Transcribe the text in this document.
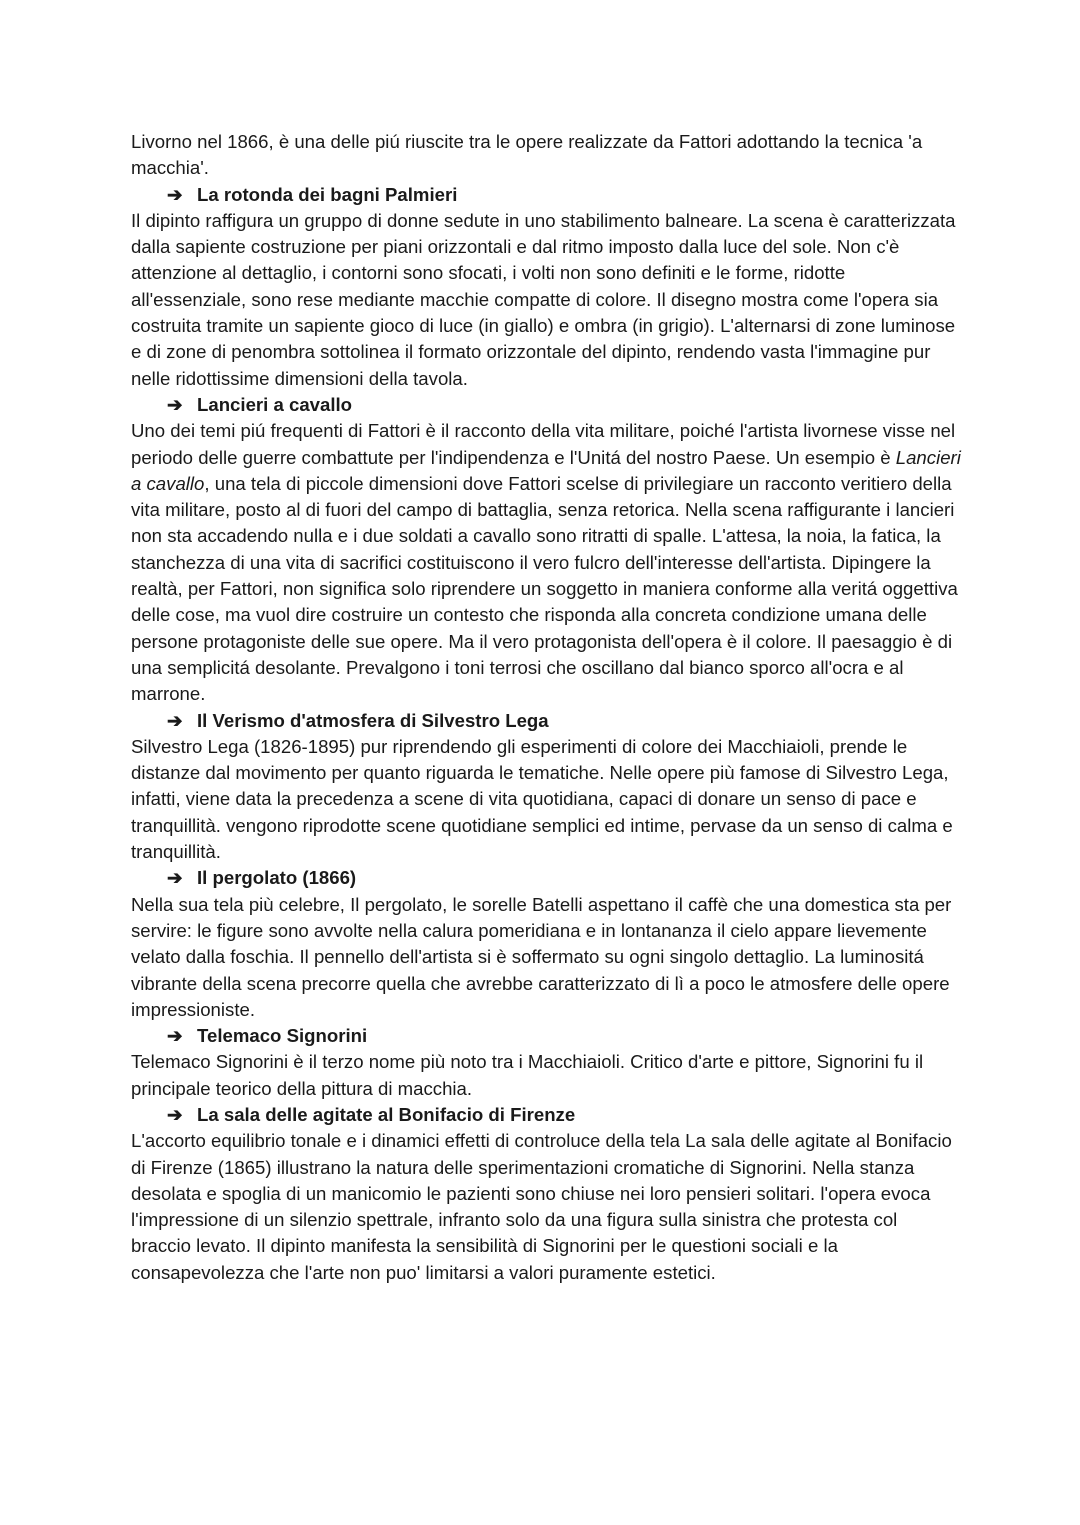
Livorno nel 1866, è una delle piú riuscite tra le opere realizzate da Fattori adottando la tecnica 'a macchia'.

➔ La rotonda dei bagni Palmieri

Il dipinto raffigura un gruppo di donne sedute in uno stabilimento balneare. La scena è caratterizzata dalla sapiente costruzione per piani orizzontali e dal ritmo imposto dalla luce del sole. Non c'è attenzione al dettaglio, i contorni sono sfocati, i volti non sono definiti e le forme, ridotte all'essenziale, sono rese mediante macchie compatte di colore. Il disegno mostra come l'opera sia costruita tramite un sapiente gioco di luce (in giallo) e ombra (in grigio). L'alternarsi di zone luminose e di zone di penombra sottolinea il formato orizzontale del dipinto, rendendo vasta l'immagine pur nelle ridottissime dimensioni della tavola.

➔ Lancieri a cavallo

Uno dei temi piú frequenti di Fattori è il racconto della vita militare, poiché l'artista livornese visse nel periodo delle guerre combattute per l'indipendenza e l'Unitá del nostro Paese. Un esempio è Lancieri a cavallo, una tela di piccole dimensioni dove Fattori scelse di privilegiare un racconto veritiero della vita militare, posto al di fuori del campo di battaglia, senza retorica. Nella scena raffigurante i lancieri non sta accadendo nulla e i due soldati a cavallo sono ritratti di spalle. L'attesa, la noia, la fatica, la stanchezza di una vita di sacrifici costituiscono il vero fulcro dell'interesse dell'artista. Dipingere la realtà, per Fattori, non significa solo riprendere un soggetto in maniera conforme alla veritá oggettiva delle cose, ma vuol dire costruire un contesto che risponda alla concreta condizione umana delle persone protagoniste delle sue opere. Ma il vero protagonista dell'opera è il colore. Il paesaggio è di una semplicitá desolante. Prevalgono i toni terrosi che oscillano dal bianco sporco all'ocra e al marrone.

➔ Il Verismo d'atmosfera di Silvestro Lega

Silvestro Lega (1826-1895) pur riprendendo gli esperimenti di colore dei Macchiaioli, prende le distanze dal movimento per quanto riguarda le tematiche. Nelle opere più famose di Silvestro Lega, infatti, viene data la precedenza a scene di vita quotidiana, capaci di donare un senso di pace e tranquillità. vengono riprodotte scene quotidiane semplici ed intime, pervase da un senso di calma e tranquillità.

➔ Il pergolato (1866)

Nella sua tela più celebre, Il pergolato, le sorelle Batelli aspettano il caffè che una domestica sta per servire: le figure sono avvolte nella calura pomeridiana e in lontananza il cielo appare lievemente velato dalla foschia. Il pennello dell'artista si è soffermato su ogni singolo dettaglio. La luminositá vibrante della scena precorre quella che avrebbe caratterizzato di lì a poco le atmosfere delle opere impressioniste.

➔ Telemaco Signorini

Telemaco Signorini è il terzo nome più noto tra i Macchiaioli. Critico d'arte e pittore, Signorini fu il principale teorico della pittura di macchia.

➔ La sala delle agitate al Bonifacio di Firenze

L'accorto equilibrio tonale e i dinamici effetti di controluce della tela La sala delle agitate al Bonifacio di Firenze (1865) illustrano la natura delle sperimentazioni cromatiche di Signorini. Nella stanza desolata e spoglia di un manicomio le pazienti sono chiuse nei loro pensieri solitari. l'opera evoca l'impressione di un silenzio spettrale, infranto solo da una figura sulla sinistra che protesta col braccio levato. Il dipinto manifesta la sensibilità di Signorini per le questioni sociali e la consapevolezza che l'arte non puo' limitarsi a valori puramente estetici.
